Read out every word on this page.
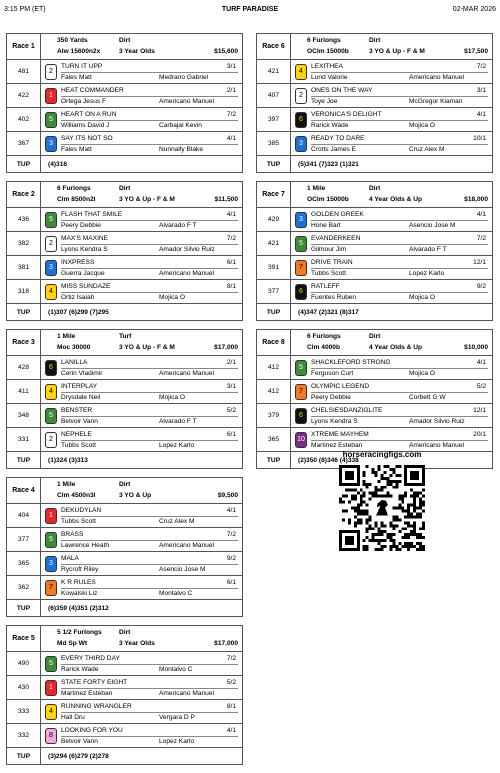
3:15 PM (ET)	TURF PARADISE	02-MAR 2026
Race 1
350 Yards	Dirt
Alw 15600n2x	3 Year Olds	$15,600
481	2
TURN IT UPP	3/1
Fales Matt	Medrano Gabriel
422	1
HEAT COMMANDER	2/1
Ortega Jesus F	Americano Manuel
402	5
HEART ON A RUN	7/2
Williams David J	Carbajal Kevin
367	3
SAY ITS NOT SO	4/1
Fales Matt	Nunnally Blake
TUP	(4)316
Race 2
6 Furlongs	Dirt
Clm 8500n2l	3 YO & Up - F & M	$11,500
436	5
FLASH THAT SMILE	4/1
Peery Debbie	Alvarado F T
382	2
MAX'S MAXINE	7/2
Lyons Kendra S	Amador Silvio Ruiz
381	3
INXPRESS	6/1
Guerra Jacque	Americano Manuel
318	4
MISS SUNDAZE	8/1
Ortiz Isaiah	Mojica O
TUP	(1)307 (6)299 (7)295
Race 3
1 Mile	Turf
Moc 30000	3 YO & Up - F & M	$17,000
428	6
LANILLA	2/1
Cerin Vladimir	Americano Manuel
411	4
INTERPLAY	3/1
Drysdale Neil	Mojica O
348	5
BENSTER	5/2
Belvoir Vann	Alvarado F T
331	2
NEPHELE	6/1
Tubbs Scott	Lopez Karlo
TUP	(1)324 (3)313
Race 4
1 Mile	Dirt
Clm 4500n3l	3 YO & Up	$9,500
404	1
DEKUDYLAN	4/1
Tubbs Scott	Cruz Alex M
377	5
BRASS	7/2
Lawrence Heath	Americano Manuel
365	3
MALA	9/2
Rycroft Riley	Asencio Jose M
362	7
K R RULES	6/1
Kowalski Liz	Montalvo C
TUP	(6)359 (4)351 (2)312
Race 5
5 1/2 Furlongs	Dirt
Md Sp Wt	3 Year Olds	$17,000
490	5
EVERY THIRD DAY	7/2
Rarick Wade	Montalvo C
430	1
STATE FORTY EIGHT	5/2
Martinez Esteban	Americano Manuel
333	4
RUNNING WRANGLER	8/1
Hall Dru	Vergara D P
332	8
LOOKING FOR YOU	4/1
Belvoir Vann	Lopez Karlo
TUP	(3)294 (6)279 (2)278
Race 6
6 Furlongs	Dirt
OClm 15000b	3 YO & Up - F & M	$17,500
421	4
LEXITHEA	7/2
Lund Valorie	Americano Manuel
407	2
ONES ON THE WAY	3/1
Toye Joe	McGregor Kiaman
397	6
VERONICA'S DELIGHT	4/1
Rarick Wade	Mojica O
385	3
READY TO DARE	10/1
Crotts James E	Cruz Alex M
TUP	(5)341 (7)323 (1)321
Race 7
1 Mile	Dirt
OClm 15000b	4 Year Olds & Up	$18,000
429	3
GOLDEN GREEK	4/1
Hone Bart	Asencio Jose M
421	5
EVANDERKEEN	7/2
Gilmour Jim	Alvarado F T
391	7
DRIVE TRAIN	12/1
Tubbs Scott	Lopez Karlo
377	6
RATLEFF	9/2
Fuentes Ruben	Mojica O
TUP	(4)347 (2)321 (8)317
Race 8
6 Furlongs	Dirt
Clm 4000b	4 Year Olds & Up	$10,000
412	5
SHACKLEFORD STRONG	4/1
Ferguson Curt	Mojica O
412	7
OLYMPIC LEGEND	5/2
Peery Debbie	Corbett G W
379	6
CHELSIESDANZIGLITE	12/1
Lyons Kendra S	Amador Silvio Ruiz
365	10
XTREME MAYHEM	20/1
Martinez Esteban	Americano Manuel
TUP	(2)350 (8)346 (4)338
horseracingfigs.com
